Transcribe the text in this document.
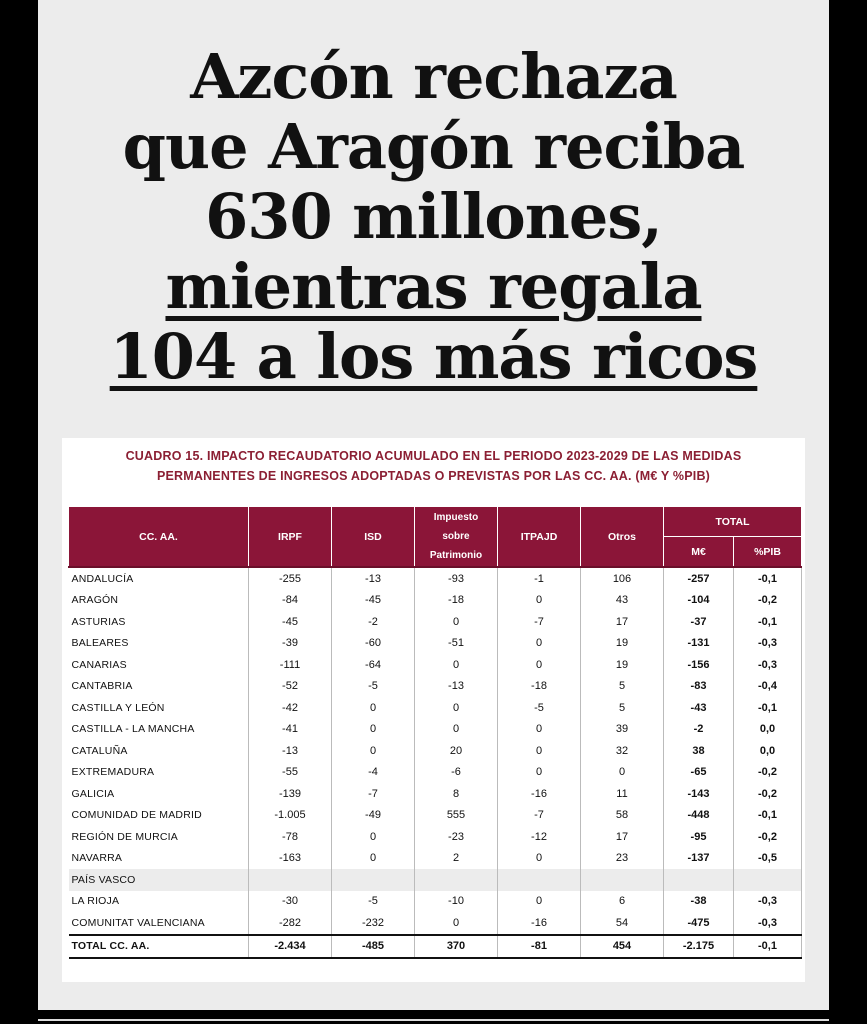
Azcón rechaza
que Aragón reciba
630 millones,
mientras regala
104 a los más ricos
CUADRO 15. IMPACTO RECAUDATORIO ACUMULADO EN EL PERIODO 2023-2029 DE LAS MEDIDAS
PERMANENTES DE INGRESOS ADOPTADAS O PREVISTAS POR LAS CC. AA. (M€ Y %PIB)
CC. AA.	IRPF	ISD	Impuesto
sobre
Patrimonio	ITPAJD	Otros	TOTAL	
						M€	%PIB
ANDALUCÍA	-255	-13	-93	-1	106	-257	-0,1
ARAGÓN	-84	-45	-18	0	43	-104	-0,2
ASTURIAS	-45	-2	0	-7	17	-37	-0,1
BALEARES	-39	-60	-51	0	19	-131	-0,3
CANARIAS	-111	-64	0	0	19	-156	-0,3
CANTABRIA	-52	-5	-13	-18	5	-83	-0,4
CASTILLA Y LEÓN	-42	0	0	-5	5	-43	-0,1
CASTILLA - LA MANCHA	-41	0	0	0	39	-2	0,0
CATALUÑA	-13	0	20	0	32	38	0,0
EXTREMADURA	-55	-4	-6	0	0	-65	-0,2
GALICIA	-139	-7	8	-16	11	-143	-0,2
COMUNIDAD DE MADRID	-1.005	-49	555	-7	58	-448	-0,1
REGIÓN DE MURCIA	-78	0	-23	-12	17	-95	-0,2
NAVARRA	-163	0	2	0	23	-137	-0,5
PAÍS VASCO							
LA RIOJA	-30	-5	-10	0	6	-38	-0,3
COMUNITAT VALENCIANA	-282	-232	0	-16	54	-475	-0,3
TOTAL CC. AA.	-2.434	-485	370	-81	454	-2.175	-0,1
